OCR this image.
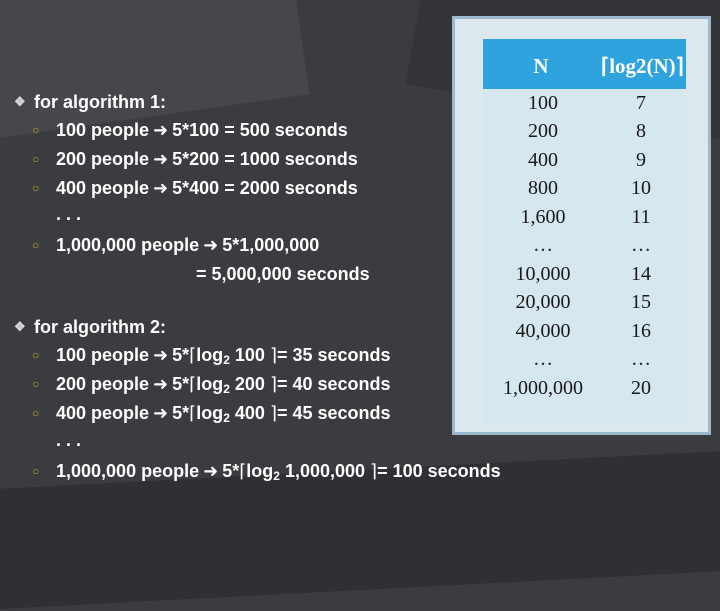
❖ for algorithm 1:
○ 100 people ➜ 5*100 = 500 seconds
○ 200 people ➜ 5*200 = 1000 seconds
○ 400 people ➜ 5*400 = 2000 seconds
. . .
○ 1,000,000 people ➜ 5*1,000,000
= 5,000,000 seconds
❖ for algorithm 2:
○ 100 people ➜ $5*⌈\log_2$ 100 ⌉= 35 seconds
○ 200 people ➜ $5*⌈\log_2$ 200 ⌉= 40 seconds
○ 400 people ➜ $5*⌈\log_2$ 400 ⌉= 45 seconds
. . .
○ 1,000,000 people ➜ $5*⌈\log_2$ 1,000,000 ⌉= 100 seconds
N	⌈log2(N)⌉
100	7
200	8
400	9
800	10
1,600	11
…	…
10,000	14
20,000	15
40,000	16
…	…
1,000,000	20
